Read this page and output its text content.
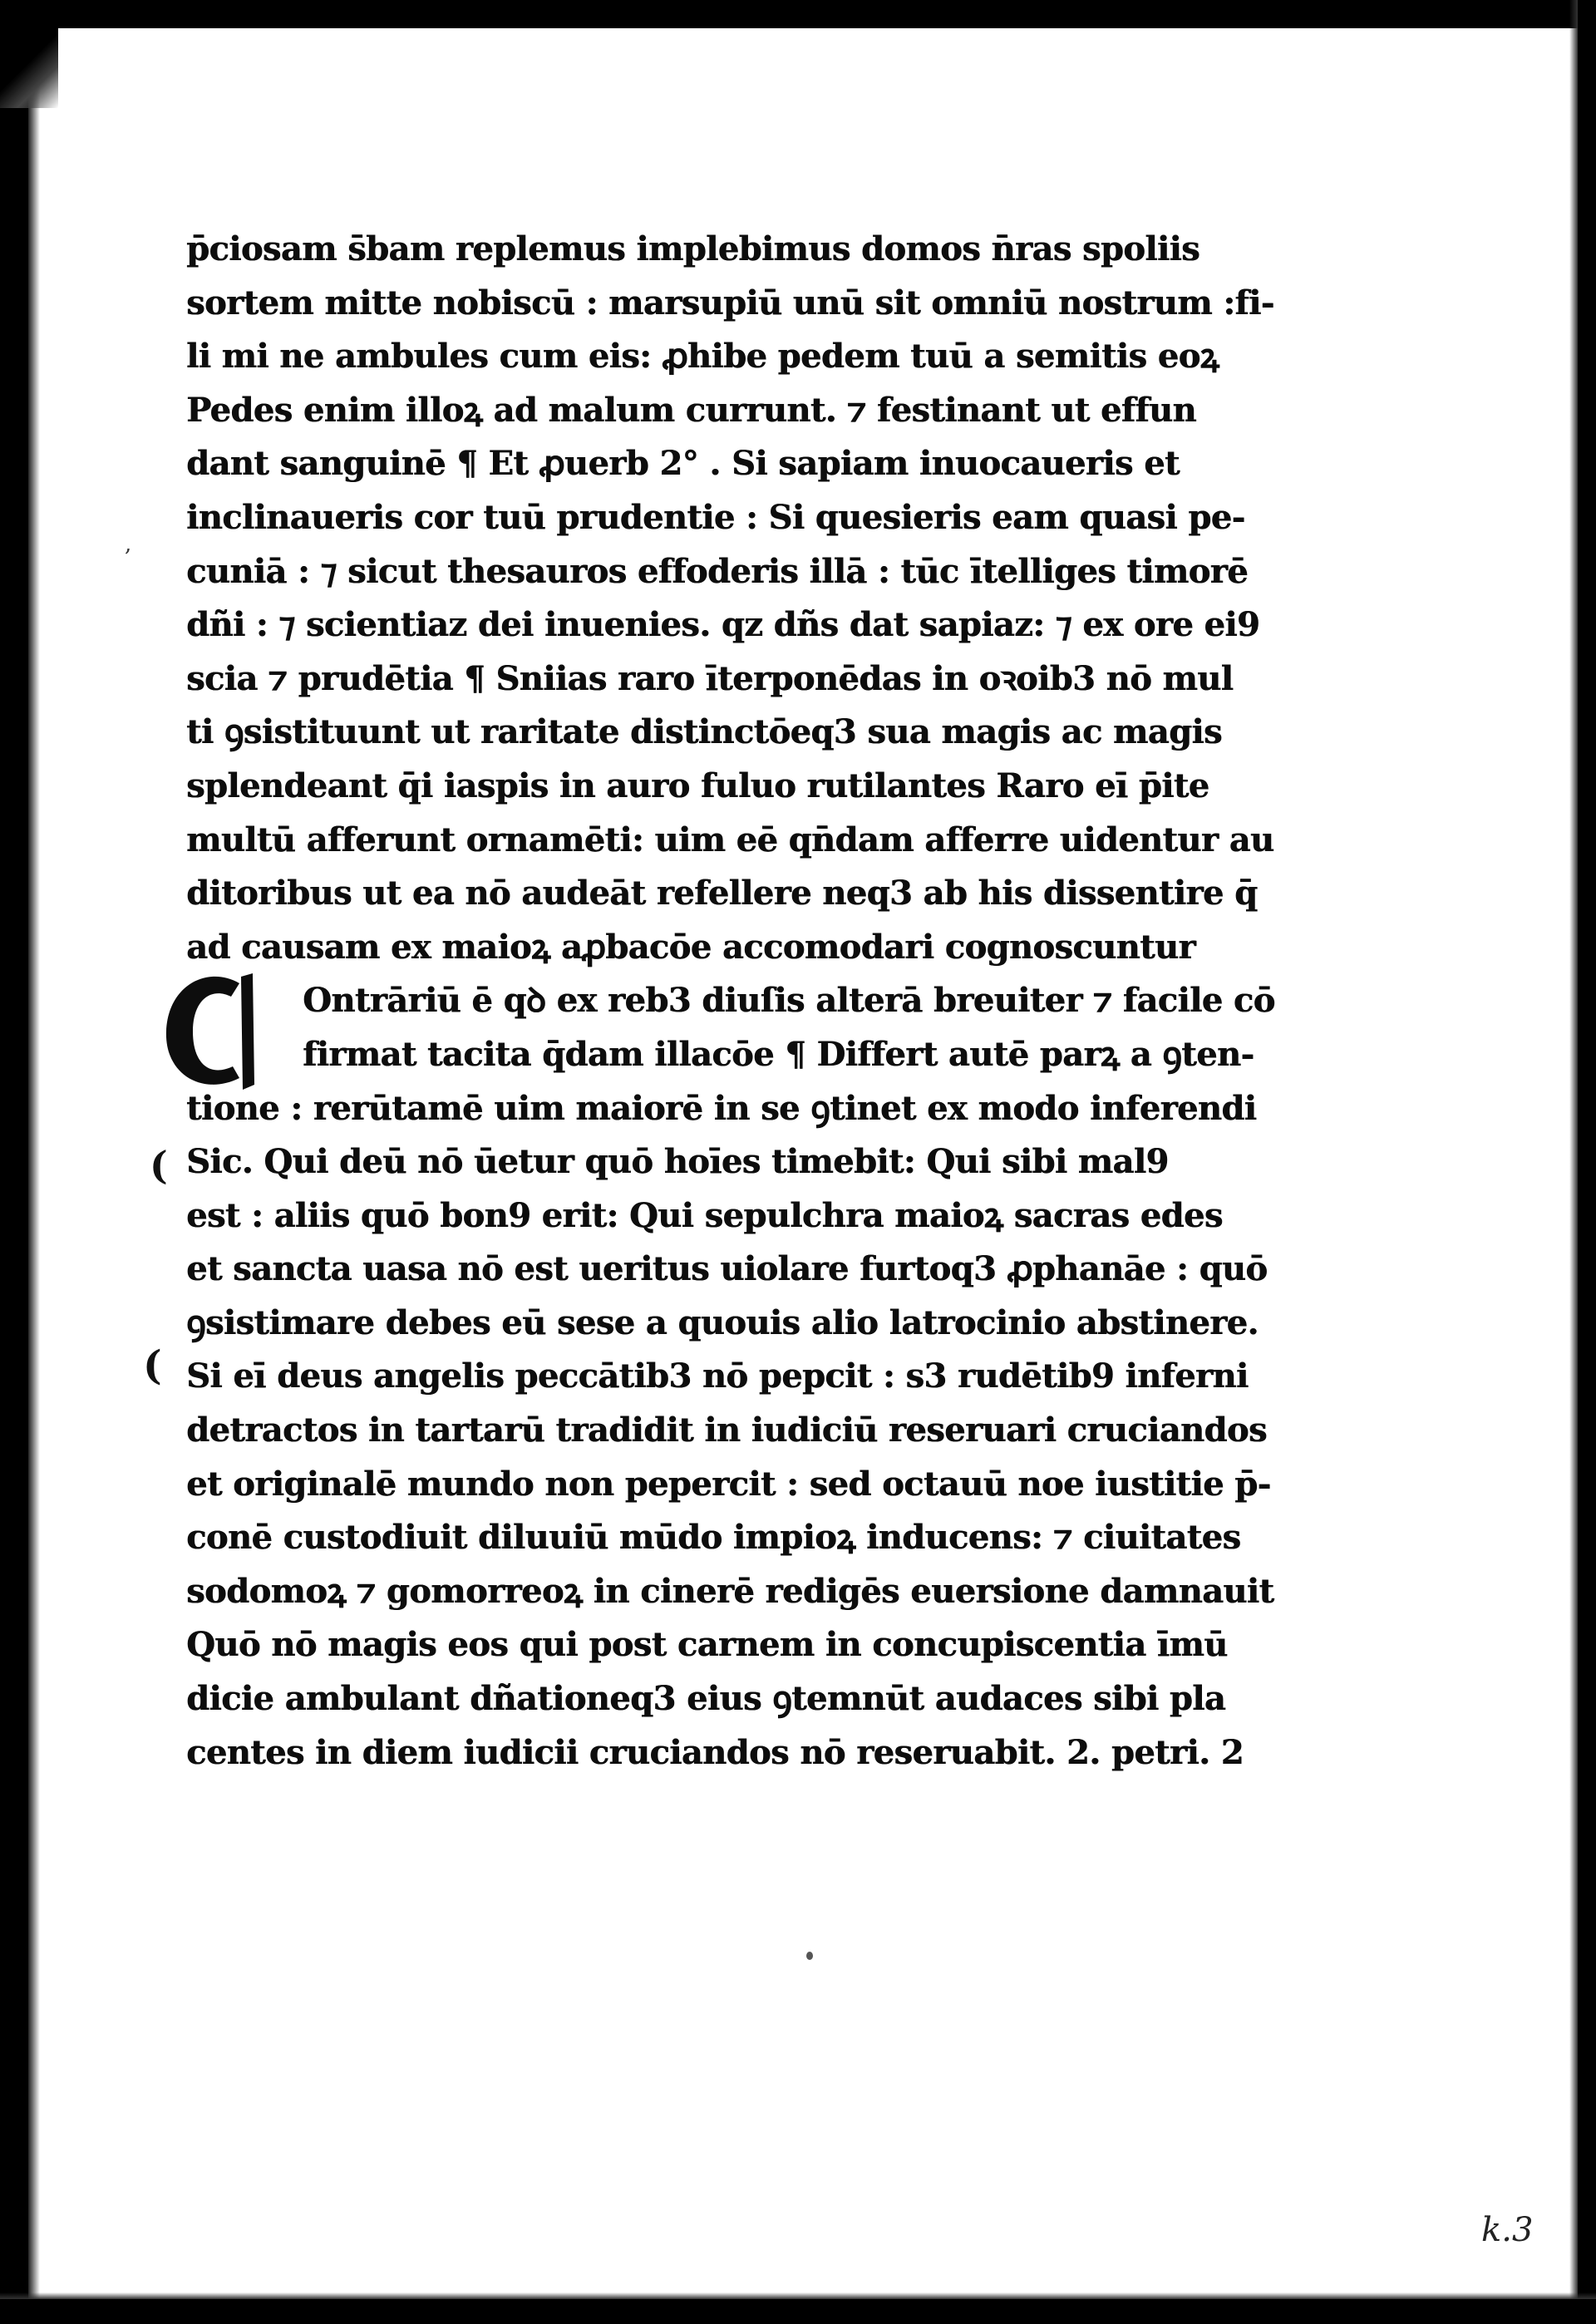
,
(
(
p̄ciosam s̄bam replemus implebimus domos n̄ras spoliis
sortem mitte nobiscū : marsupiū unū sit omniū nostrum :fi-
li mi ne ambules cum eis: ꝓhibe pedem tuū a semitis eoꝝ
Pedes enim illoꝝ ad malum currunt. ⁊ festinant ut effun
dant sanguinē ¶ Et ꝓuerb 2° . Si sapiam inuocaueris et
inclinaueris cor tuū prudentie : Si quesieris eam quasi pe-
cuniā : ⁊ sicut thesauros effoderis illā : tūc ītelliges timorē
dñi : ⁊ scientiaz dei inuenies. qz dñs dat sapiaz: ⁊ ex ore ei9
scia ⁊ prudētia ¶ Sniias raro īterponēdas in oꝛoib3 nō mul
ti ꝯsistituunt ut raritate distinctōeq3 sua magis ac magis
splendeant q̄i iaspis in auro fuluo rutilantes Raro eī p̄ite
multū afferunt ornamēti: uim eē qn̄dam afferre uidentur au
ditoribus ut ea nō audeāt refellere neq3 ab his dissentire q̄
ad causam ex maioꝝ aꝓbacōe accomodari cognoscuntur
Ontrāriū ē qꝺ ex reb3 diuſis alterā breuiter ⁊ facile cō
firmat tacita q̄dam illacōe ¶ Differt autē parꝝ a ꝯten-
tione : rerūtamē uim maiorē in se ꝯtinet ex modo inferendi
Sic. Qui deū nō ūetur quō hoīes timebit: Qui sibi mal9
est : aliis quō bon9 erit: Qui sepulchra maioꝝ sacras edes
et sancta uasa nō est ueritus uiolare furtoq3 ꝓphanāe : quō
ꝯsistimare debes eū sese a quouis alio latrocinio abstinere.
Si eī deus angelis peccātib3 nō pepcit : s3 rudētib9 inferni
detractos in tartarū tradidit in iudiciū reseruari cruciandos
et originalē mundo non pepercit : sed octauū noe iustitie p̄-
conē custodiuit diluuiū mūdo impioꝝ inducens: ⁊ ciuitates
sodomoꝝ ⁊ gomorreoꝝ in cinerē redigēs euersione damnauit
Quō nō magis eos qui post carnem in concupiscentia īmū
dicie ambulant dñationeq3 eius ꝯtemnūt audaces sibi pla
centes in diem iudicii cruciandos nō reseruabit. 2. petri. 2
C
k.3
